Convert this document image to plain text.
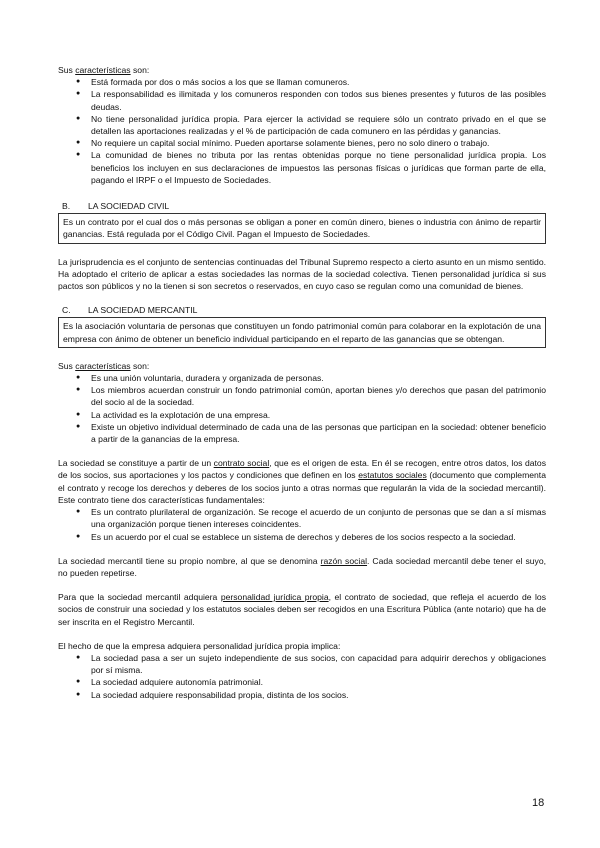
Sus características son:

● Está formada por dos o más socios a los que se llaman comuneros.
● La responsabilidad es ilimitada y los comuneros responden con todos sus bienes presentes y futuros de las posibles deudas.
● No tiene personalidad jurídica propia. Para ejercer la actividad se requiere sólo un contrato privado en el que se detallen las aportaciones realizadas y el % de participación de cada comunero en las pérdidas y ganancias.
● No requiere un capital social mínimo. Pueden aportarse solamente bienes, pero no solo dinero o trabajo.
● La comunidad de bienes no tributa por las rentas obtenidas porque no tiene personalidad jurídica propia. Los beneficios los incluyen en sus declaraciones de impuestos las personas físicas o jurídicas que forman parte de ella, pagando el IRPF o el Impuesto de Sociedades.

B. LA SOCIEDAD CIVIL

Es un contrato por el cual dos o más personas se obligan a poner en común dinero, bienes o industria con ánimo de repartir ganancias. Está regulada por el Código Civil. Pagan el Impuesto de Sociedades.

La jurisprudencia es el conjunto de sentencias continuadas del Tribunal Supremo respecto a cierto asunto en un mismo sentido. Ha adoptado el criterio de aplicar a estas sociedades las normas de la sociedad colectiva. Tienen personalidad jurídica si sus pactos son públicos y no la tienen si son secretos o reservados, en cuyo caso se regulan como una comunidad de bienes.

C. LA SOCIEDAD MERCANTIL

Es la asociación voluntaria de personas que constituyen un fondo patrimonial común para colaborar en la explotación de una empresa con ánimo de obtener un beneficio individual participando en el reparto de las ganancias que se obtengan.

Sus características son:

● Es una unión voluntaria, duradera y organizada de personas.
● Los miembros acuerdan construir un fondo patrimonial común, aportan bienes y/o derechos que pasan del patrimonio del socio al de la sociedad.
● La actividad es la explotación de una empresa.
● Existe un objetivo individual determinado de cada una de las personas que participan en la sociedad: obtener beneficio a partir de la ganancias de la empresa.

La sociedad se constituye a partir de un contrato social, que es el origen de esta. En él se recogen, entre otros datos, los datos de los socios, sus aportaciones y los pactos y condiciones que definen en los estatutos sociales (documento que complementa el contrato y recoge los derechos y deberes de los socios junto a otras normas que regularán la vida de la sociedad mercantil). Este contrato tiene dos características fundamentales:

● Es un contrato plurilateral de organización. Se recoge el acuerdo de un conjunto de personas que se dan a sí mismas una organización porque tienen intereses coincidentes.
● Es un acuerdo por el cual se establece un sistema de derechos y deberes de los socios respecto a la sociedad.

La sociedad mercantil tiene su propio nombre, al que se denomina razón social. Cada sociedad mercantil debe tener el suyo, no pueden repetirse.

Para que la sociedad mercantil adquiera personalidad jurídica propia, el contrato de sociedad, que refleja el acuerdo de los socios de construir una sociedad y los estatutos sociales deben ser recogidos en una Escritura Pública (ante notario) que ha de ser inscrita en el Registro Mercantil.

El hecho de que la empresa adquiera personalidad jurídica propia implica:

● La sociedad pasa a ser un sujeto independiente de sus socios, con capacidad para adquirir derechos y obligaciones por sí misma.
● La sociedad adquiere autonomía patrimonial.
● La sociedad adquiere responsabilidad propia, distinta de los socios.
18
